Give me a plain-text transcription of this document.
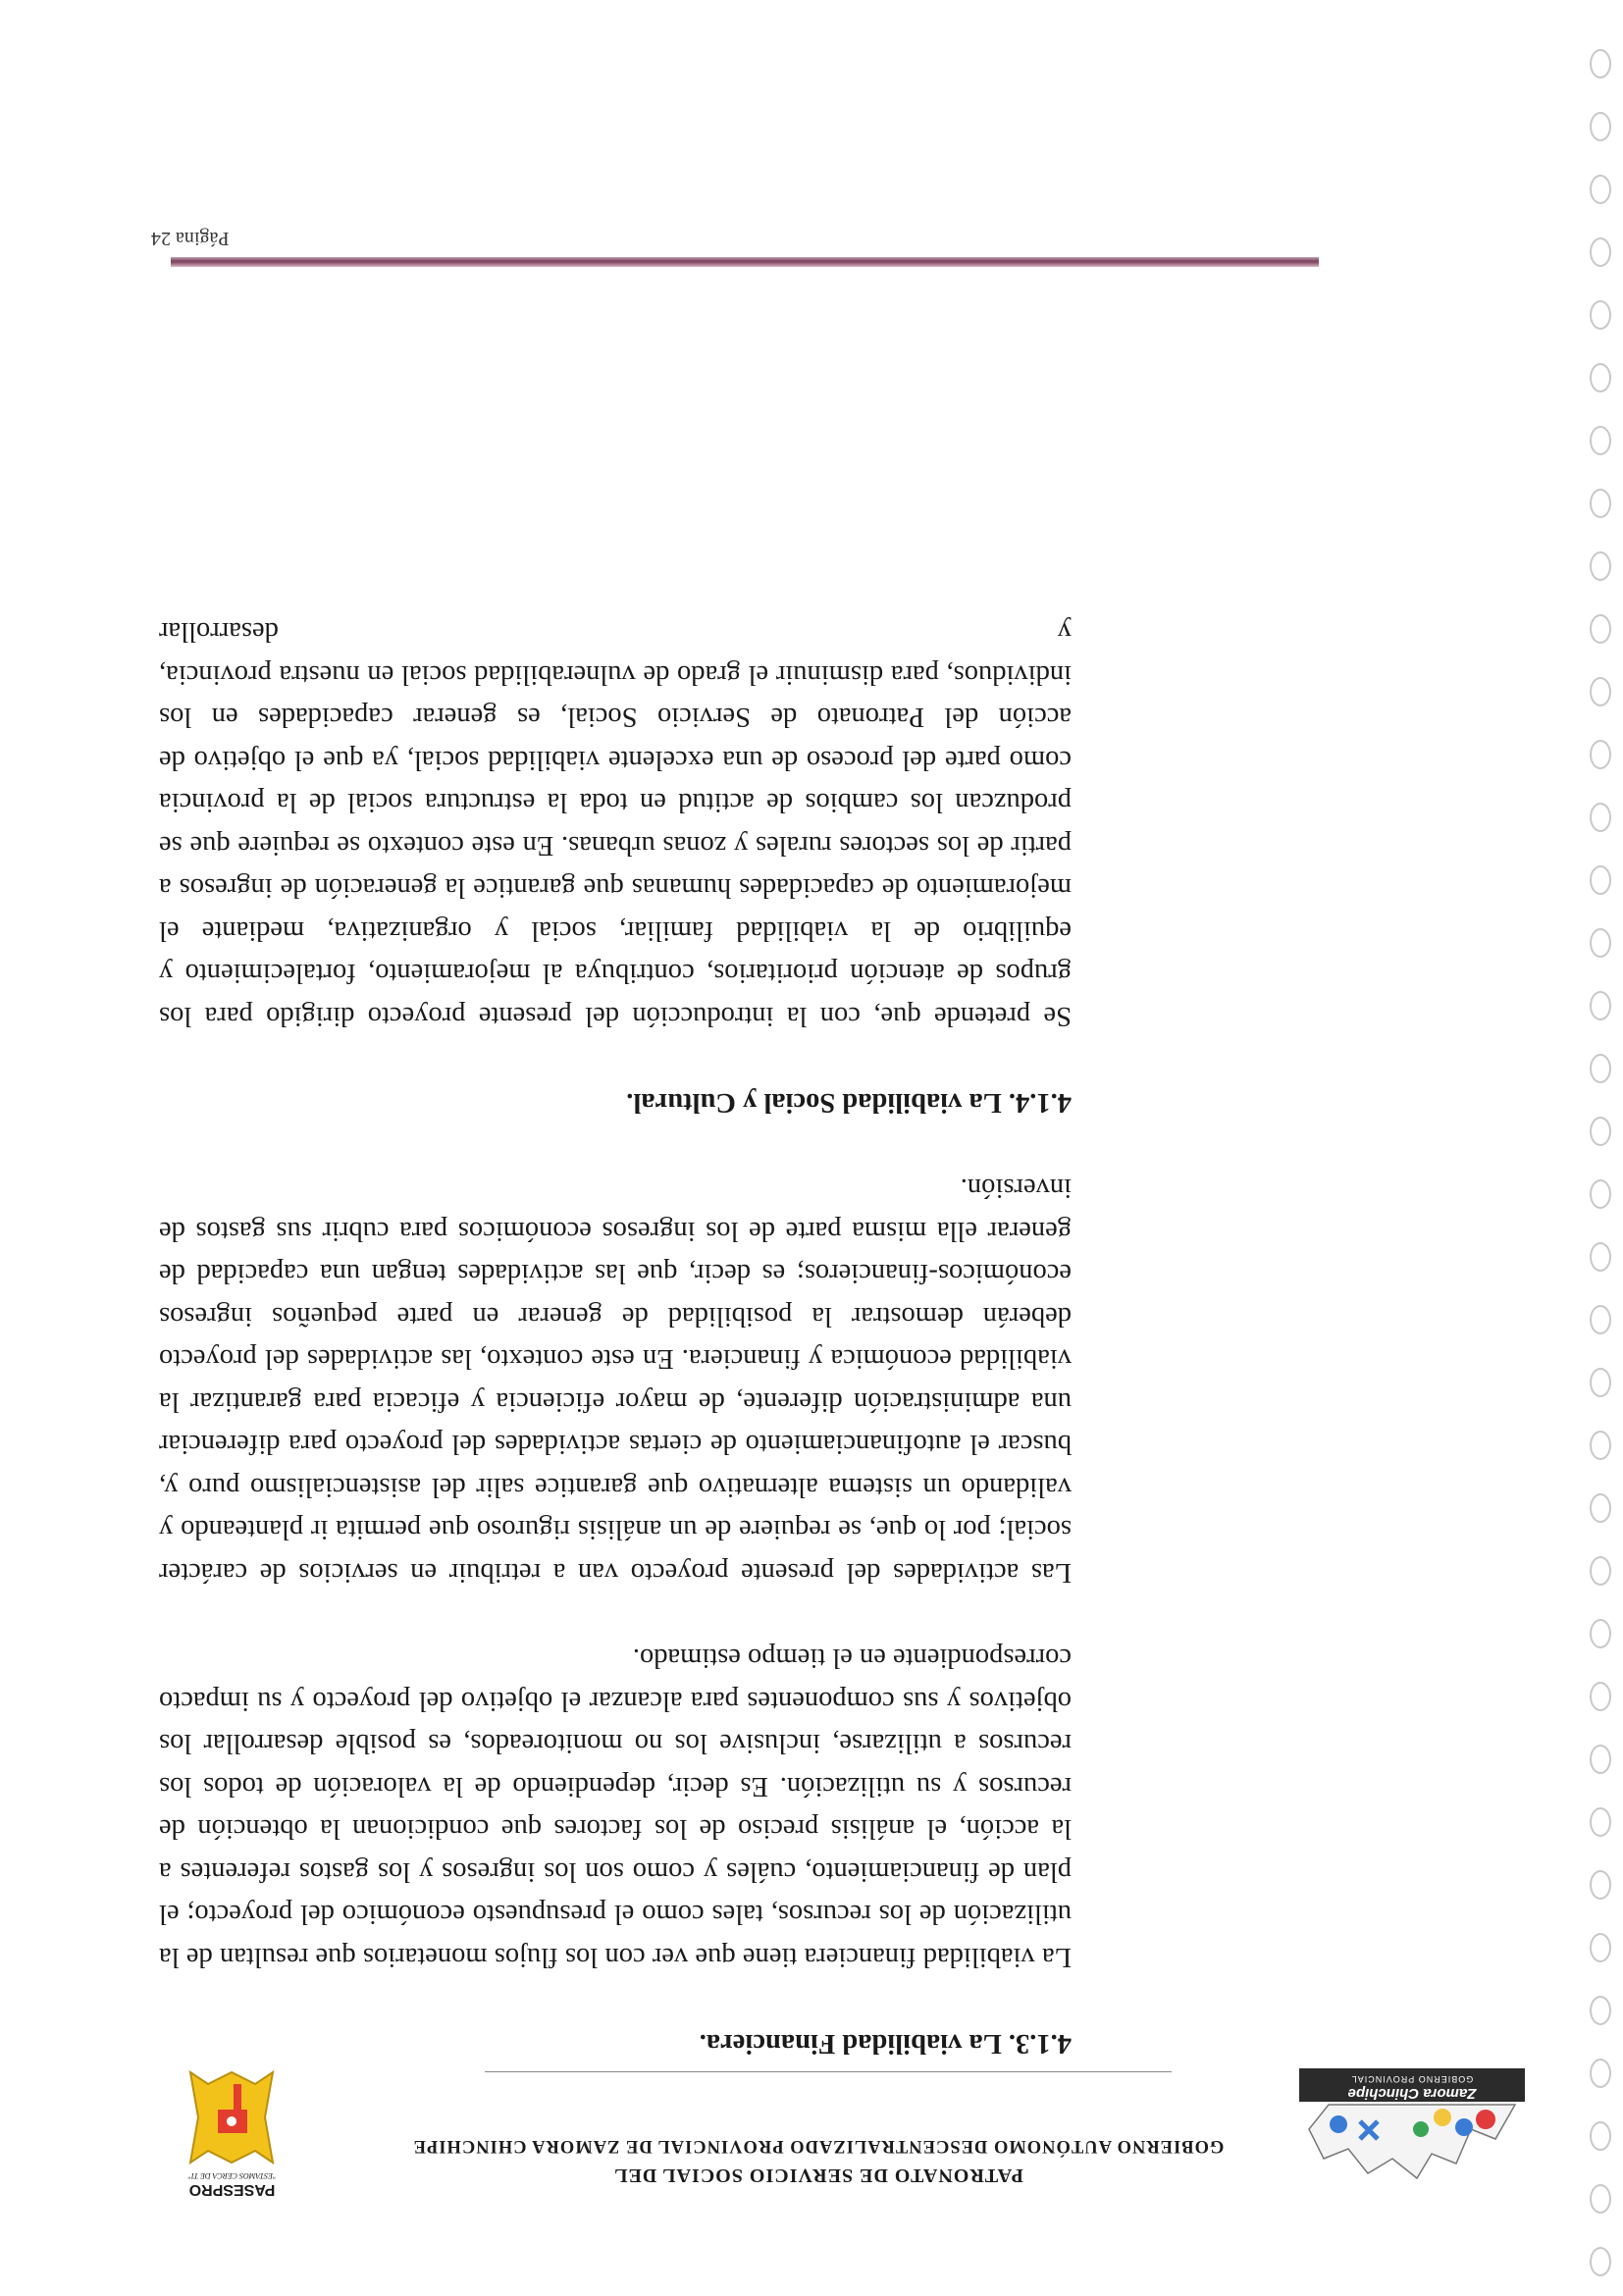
Zamora Chinchipe
GOBIERNO PROVINCIAL
PATRONATO DE SERVICIO SOCIAL DEL
GOBIERNO AUTÓNOMO DESCENTRALIZADO PROVINCIAL DE ZAMORA CHINCHIPE
PASESPRO
"ESTAMOS CERCA DE TI"
4.1.3. La viabilidad Financiera.

La viabilidad financiera tiene que ver con los flujos monetarios que resultan de la utilización de los recursos, tales como el presupuesto económico del proyecto; el plan de financiamiento, cuáles y como son los ingresos y los gastos referentes a la acción, el análisis preciso de los factores que condicionan la obtención de recursos y su utilización. Es decir, dependiendo de la valoración de todos los recursos a utilizarse, inclusive los no monitoreados, es posible desarrollar los objetivos y sus componentes para alcanzar el objetivo del proyecto y su impacto correspondiente en el tiempo estimado.

Las actividades del presente proyecto van a retribuir en servicios de carácter social; por lo que, se requiere de un análisis riguroso que permita ir planteando y validando un sistema alternativo que garantice salir del asistencialismo puro y, buscar el autofinanciamiento de ciertas actividades del proyecto para diferenciar una administración diferente, de mayor eficiencia y eficacia para garantizar la viabilidad económica y financiera. En este contexto, las actividades del proyecto deberán demostrar la posibilidad de generar en parte pequeños ingresos económicos-financieros; es decir, que las actividades tengan una capacidad de generar ella misma parte de los ingresos económicos para cubrir sus gastos de inversión.

4.1.4. La viabilidad Social y Cultural.

Se pretende que, con la introducción del presente proyecto dirigido para los grupos de atención prioritarios, contribuya al mejoramiento, fortalecimiento y equilibrio de la viabilidad familiar, social y organizativa, mediante el mejoramiento de capacidades humanas que garantice la generación de ingresos a partir de los sectores rurales y zonas urbanas. En este contexto se requiere que se produzcan los cambios de actitud en toda la estructura social de la provincia como parte del proceso de una excelente viabilidad social, ya que el objetivo de acción del Patronato de Servicio Social, es generar capacidades en los individuos, para disminuir el grado de vulnerabilidad social en nuestra provincia, y desarrollar

Página 24
